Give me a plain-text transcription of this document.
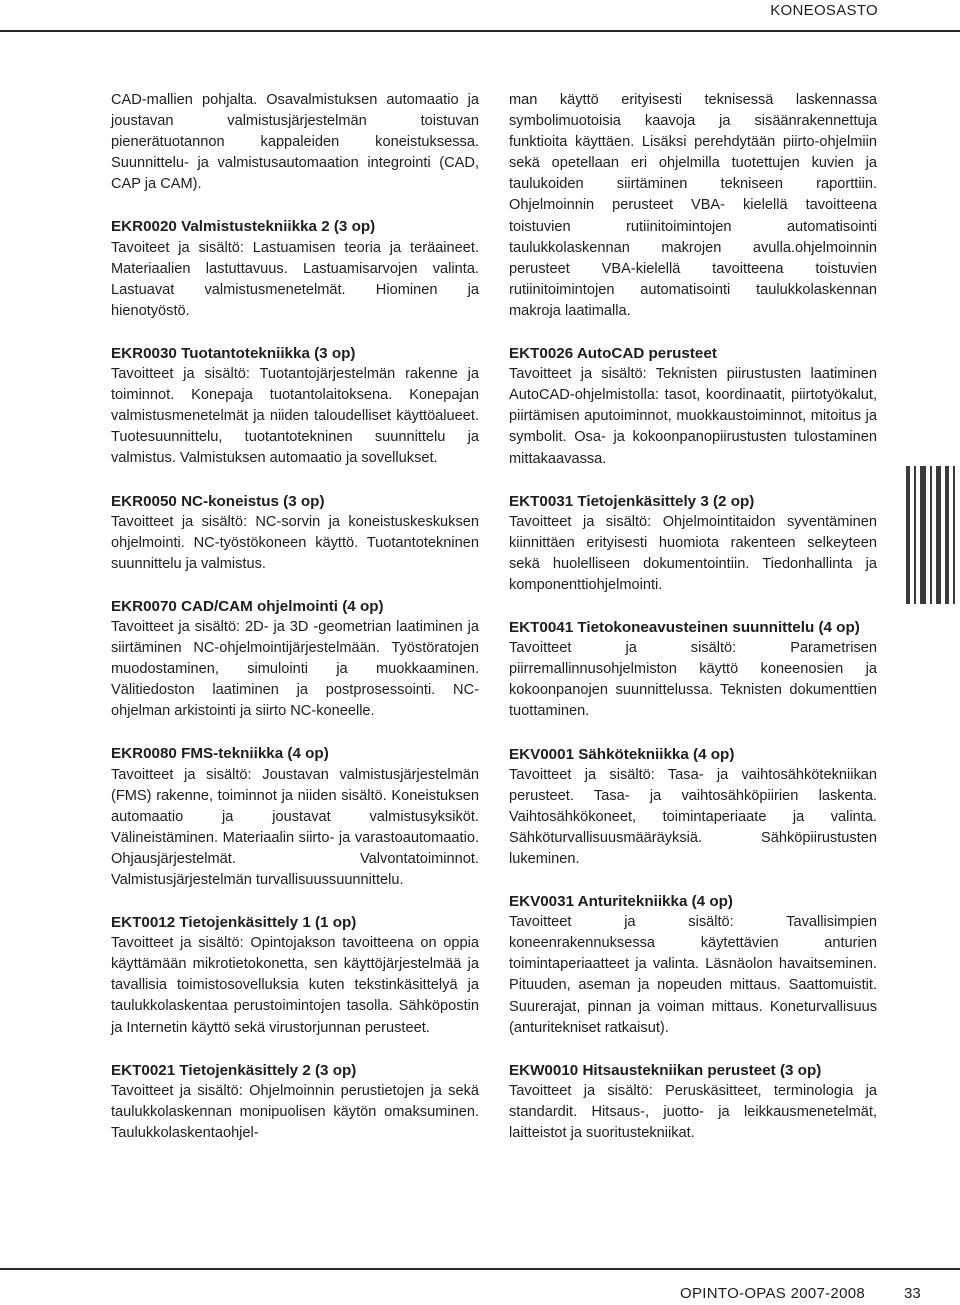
KONEOSASTO

CAD-mallien pohjalta. Osavalmistuksen automaatio ja joustavan valmistusjärjestelmän toistuvan pienerätuotannon kappaleiden koneistuksessa. Suunnittelu- ja valmistusautomaation integrointi (CAD, CAP ja CAM).

EKR0020 Valmistustekniikka 2 (3 op)

Tavoiteet ja sisältö: Lastuamisen teoria ja teräaineet. Materiaalien lastuttavuus. Lastuamisarvojen valinta. Lastuavat valmistusmenetelmät. Hiominen ja hienotyöstö.

EKR0030 Tuotantotekniikka (3 op)

Tavoitteet ja sisältö: Tuotantojärjestelmän rakenne ja toiminnot. Konepaja tuotantolaitoksena. Konepajan valmistusmenetelmät ja niiden taloudelliset käyttöalueet. Tuotesuunnittelu, tuotantotekninen suunnittelu ja valmistus. Valmistuksen automaatio ja sovellukset.

EKR0050 NC-koneistus (3 op)

Tavoitteet ja sisältö: NC-sorvin ja koneistuskeskuksen ohjelmointi. NC-työstökoneen käyttö. Tuotantotekninen suunnittelu ja valmistus.

EKR0070 CAD/CAM ohjelmointi (4 op)

Tavoitteet ja sisältö: 2D- ja 3D -geometrian laatiminen ja siirtäminen NC-ohjelmointijärjestelmään. Työstöratojen muodostaminen, simulointi ja muokkaaminen. Välitiedoston laatiminen ja postprosessointi. NC-ohjelman arkistointi ja siirto NC-koneelle.

EKR0080 FMS-tekniikka (4 op)

Tavoitteet ja sisältö: Joustavan valmistusjärjestelmän (FMS) rakenne, toiminnot ja niiden sisältö. Koneistuksen automaatio ja joustavat valmistusyksiköt. Välineistäminen. Materiaalin siirto- ja varastoautomaatio. Ohjausjärjestelmät. Valvontatoiminnot. Valmistusjärjestelmän turvallisuussuunnittelu.

EKT0012 Tietojenkäsittely 1 (1 op)

Tavoitteet ja sisältö: Opintojakson tavoitteena on oppia käyttämään mikrotietokonetta, sen käyttöjärjestelmää ja tavallisia toimistosovelluksia kuten tekstinkäsittelyä ja taulukkolaskentaa perustoimintojen tasolla. Sähköpostin ja Internetin käyttö sekä virustorjunnan perusteet.

EKT0021 Tietojenkäsittely 2 (3 op)

Tavoitteet ja sisältö: Ohjelmoinnin perustietojen ja sekä taulukkolaskennan monipuolisen käytön omaksuminen. Taulukkolaskentaohjel-

man käyttö erityisesti teknisessä laskennassa symbolimuotoisia kaavoja ja sisäänrakennettuja funktioita käyttäen. Lisäksi perehdytään piirto-ohjelmiin sekä opetellaan eri ohjelmilla tuotettujen kuvien ja taulukoiden siirtäminen tekniseen raporttiin. Ohjelmoinnin perusteet VBA- kielellä tavoitteena toistuvien rutiinitoimintojen automatisointi taulukkolaskennan makrojen avulla.ohjelmoinnin perusteet VBA-kielellä tavoitteena toistuvien rutiinitoimintojen automatisointi taulukkolaskennan makroja laatimalla.

EKT0026 AutoCAD perusteet

Tavoitteet ja sisältö: Teknisten piirustusten laatiminen AutoCAD-ohjelmistolla: tasot, koordinaatit, piirtotyökalut, piirtämisen aputoiminnot, muokkaustoiminnot, mitoitus ja symbolit. Osa- ja kokoonpanopiirustusten tulostaminen mittakaavassa.

EKT0031 Tietojenkäsittely 3 (2 op)

Tavoitteet ja sisältö: Ohjelmointitaidon syventäminen kiinnittäen erityisesti huomiota rakenteen selkeyteen sekä huolelliseen dokumentointiin. Tiedonhallinta ja komponenttiohjelmointi.

EKT0041 Tietokoneavusteinen suunnittelu (4 op)

Tavoitteet ja sisältö: Parametrisen piirremallinnusohjelmiston käyttö koneenosien ja kokoonpanojen suunnittelussa. Teknisten dokumenttien tuottaminen.

EKV0001 Sähkötekniikka (4 op)

Tavoitteet ja sisältö: Tasa- ja vaihtosähkötekniikan perusteet. Tasa- ja vaihtosähköpiirien laskenta. Vaihtosähkökoneet, toimintaperiaate ja valinta. Sähköturvallisuusmääräyksiä. Sähköpiirustusten lukeminen.

EKV0031 Anturitekniikka (4 op)

Tavoitteet ja sisältö: Tavallisimpien koneenrakennuksessa käytettävien anturien toimintaperiaatteet ja valinta. Läsnäolon havaitseminen. Pituuden, aseman ja nopeuden mittaus. Saattomuistit. Suurerajat, pinnan ja voiman mittaus. Koneturvallisuus (anturitekniset ratkaisut).

EKW0010 Hitsaustekniikan perusteet (3 op)

Tavoitteet ja sisältö: Peruskäsitteet, terminologia ja standardit. Hitsaus-, juotto- ja leikkausmenetelmät, laitteistot ja suoritustekniikat.

OPINTO-OPAS 2007-2008	33
